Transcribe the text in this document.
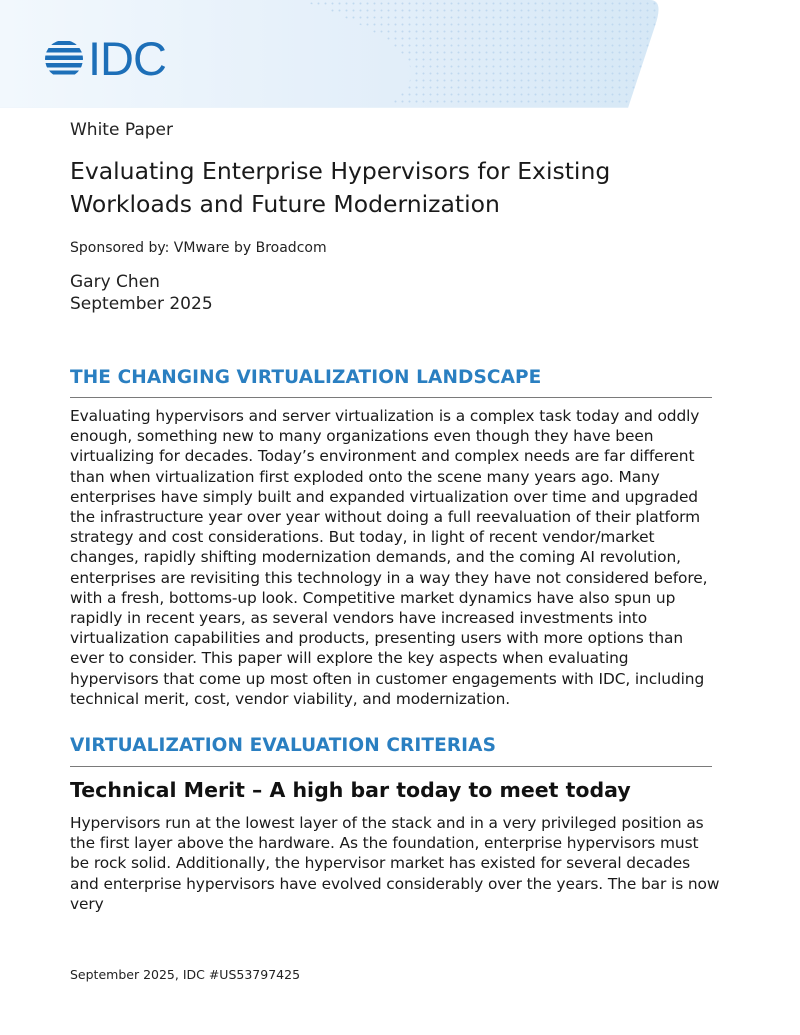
IDC
White Paper
Evaluating Enterprise Hypervisors for Existing Workloads and Future Modernization
Sponsored by: VMware by Broadcom
Gary Chen
September 2025
THE CHANGING VIRTUALIZATION LANDSCAPE

Evaluating hypervisors and server virtualization is a complex task today and oddly enough, something new to many organizations even though they have been virtualizing for decades. Today’s environment and complex needs are far different than when virtualization first exploded onto the scene many years ago. Many enterprises have simply built and expanded virtualization over time and upgraded the infrastructure year over year without doing a full reevaluation of their platform strategy and cost considerations. But today, in light of recent vendor/market changes, rapidly shifting modernization demands, and the coming AI revolution, enterprises are revisiting this technology in a way they have not considered before, with a fresh, bottoms-up look. Competitive market dynamics have also spun up rapidly in recent years, as several vendors have increased investments into virtualization capabilities and products, presenting users with more options than ever to consider. This paper will explore the key aspects when evaluating hypervisors that come up most often in customer engagements with IDC, including technical merit, cost, vendor viability, and modernization.

VIRTUALIZATION EVALUATION CRITERIAS
Technical Merit – A high bar today to meet today

Hypervisors run at the lowest layer of the stack and in a very privileged position as the first layer above the hardware. As the foundation, enterprise hypervisors must be rock solid. Additionally, the hypervisor market has existed for several decades and enterprise hypervisors have evolved considerably over the years. The bar is now very

September 2025, IDC #US53797425
